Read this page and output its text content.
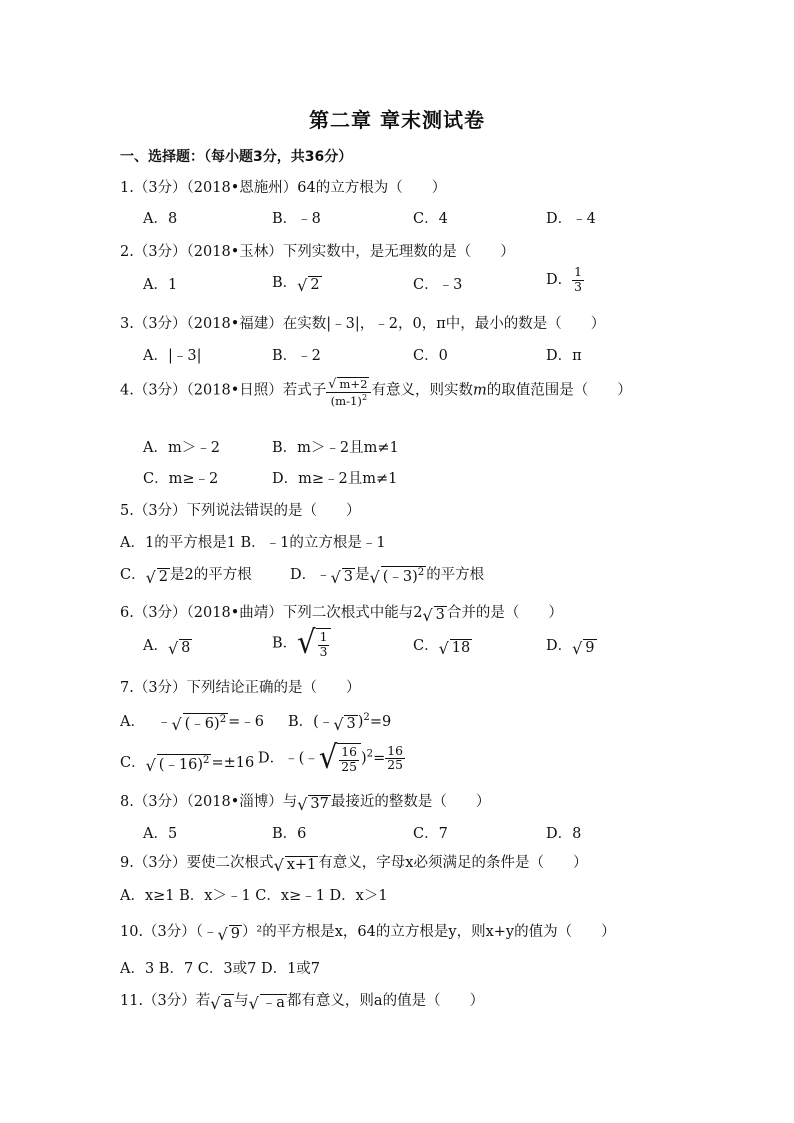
第二章 章末测试卷
一、选择题：（每小题3分，共36分）
1.（3分）（2018•恩施州）64的立方根为（　　）
A．8	B．﹣8	C．4	D．﹣4
2.（3分）（2018•玉林）下列实数中，是无理数的是（　　）
A．1	B． √ 2	C．﹣3	D． $\frac{1}{3}$
3.（3分）（2018•福建）在实数|﹣3|，﹣2，0，π中，最小的数是（　　）
A．|﹣3|	B．﹣2	C．0	D．π
4.（3分）（2018•日照）若式子 $\frac{√ m+2}{(m-1)^2}$ 有意义，则实数m的取值范围是（　　）
A．m＞﹣2	B．m＞﹣2且m≠1
C．m≥﹣2	D．m≥﹣2且m≠1
5.（3分）下列说法错误的是（　　）
A．1的平方根是1 B．﹣1的立方根是﹣1
C． √ 2 是2的平方根	D．﹣ √ 3 是 √ (﹣3)$^2$ 的平方根
6.（3分）（2018•曲靖）下列二次根式中能与2 √ 3 合并的是（　　）
A． √ 8	B． √ $\frac{1}{3}$	C． √ 18	D． √ 9
7.（3分）下列结论正确的是（　　）
A． ﹣ √ (﹣6)$^2$ =﹣6 B．(﹣ √ 3 )$^2$=9
C． √ (﹣16)$^2$ =±16 D．﹣(﹣ √ $\frac{16}{25} )^2= \frac{16}{25}$
8.（3分）（2018•淄博）与 √ 37 最接近的整数是（　　）
A．5	B．6	C．7	D．8
9.（3分）要使二次根式 √ x+1 有意义，字母x必须满足的条件是（　　）
A．x≥1 B．x＞﹣1 C．x≥﹣1 D．x＞1
10.（3分）（﹣ √ 9 ）²的平方根是x，64的立方根是y，则x+y的值为（　　）
A．3 B．7 C．3或7 D．1或7
11.（3分）若 √ a 与 √ ﹣a 都有意义，则a的值是（　　）
